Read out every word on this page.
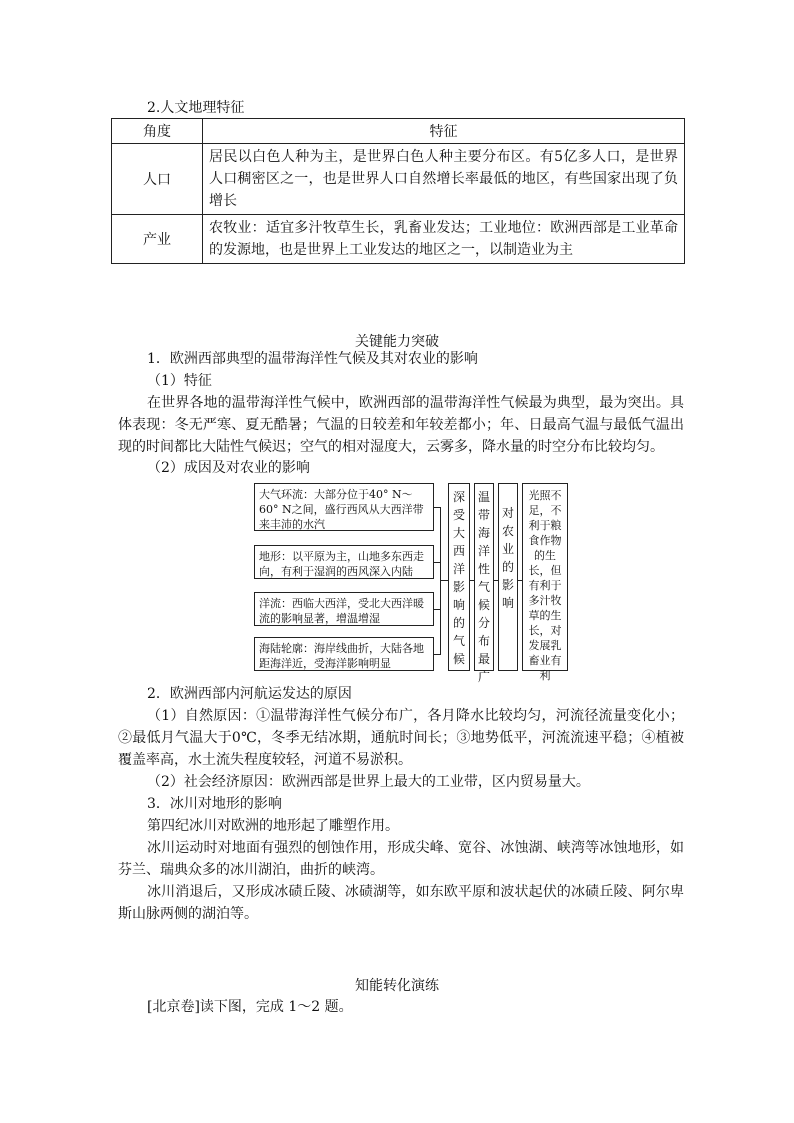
2.人文地理特征
角度	特征
人口	居民以白色人种为主，是世界白色人种主要分布区。有5亿多人口，是世界人口稠密区之一，也是世界人口自然增长率最低的地区，有些国家出现了负增长
产业	农牧业：适宜多汁牧草生长，乳畜业发达；工业地位：欧洲西部是工业革命的发源地，也是世界上工业发达的地区之一，以制造业为主
关键能力突破
1．欧洲西部典型的温带海洋性气候及其对农业的影响
（1）特征
在世界各地的温带海洋性气候中，欧洲西部的温带海洋性气候最为典型，最为突出。具体表现：冬无严寒、夏无酷暑；气温的日较差和年较差都小；年、日最高气温与最低气温出现的时间都比大陆性气候迟；空气的相对湿度大，云雾多，降水量的时空分布比较均匀。
（2）成因及对农业的影响
大气环流：大部分位于40° N～60° N之间，盛行西风从大西洋带来丰沛的水汽
地形：以平原为主，山地多东西走向，有利于湿润的西风深入内陆
洋流：西临大西洋，受北大西洋暖流的影响显著，增温增湿
海陆轮廓：海岸线曲折，大陆各地距海洋近，受海洋影响明显
深受大西洋影响的气候
温带海洋性气候分布最广
对农业的影响
光照不足，不利于粮食作物的生长，但有利于多汁牧草的生长，对发展乳畜业有利
2．欧洲西部内河航运发达的原因
（1）自然原因：①温带海洋性气候分布广，各月降水比较均匀，河流径流量变化小；②最低月气温大于0℃，冬季无结冰期，通航时间长；③地势低平，河流流速平稳；④植被覆盖率高，水土流失程度较轻，河道不易淤积。
（2）社会经济原因：欧洲西部是世界上最大的工业带，区内贸易量大。
3．冰川对地形的影响
第四纪冰川对欧洲的地形起了雕塑作用。
冰川运动时对地面有强烈的刨蚀作用，形成尖峰、宽谷、冰蚀湖、峡湾等冰蚀地形，如芬兰、瑞典众多的冰川湖泊，曲折的峡湾。
冰川消退后，又形成冰碛丘陵、冰碛湖等，如东欧平原和波状起伏的冰碛丘陵、阿尔卑斯山脉两侧的湖泊等。
知能转化演练
[北京卷]读下图，完成 1～2 题。
